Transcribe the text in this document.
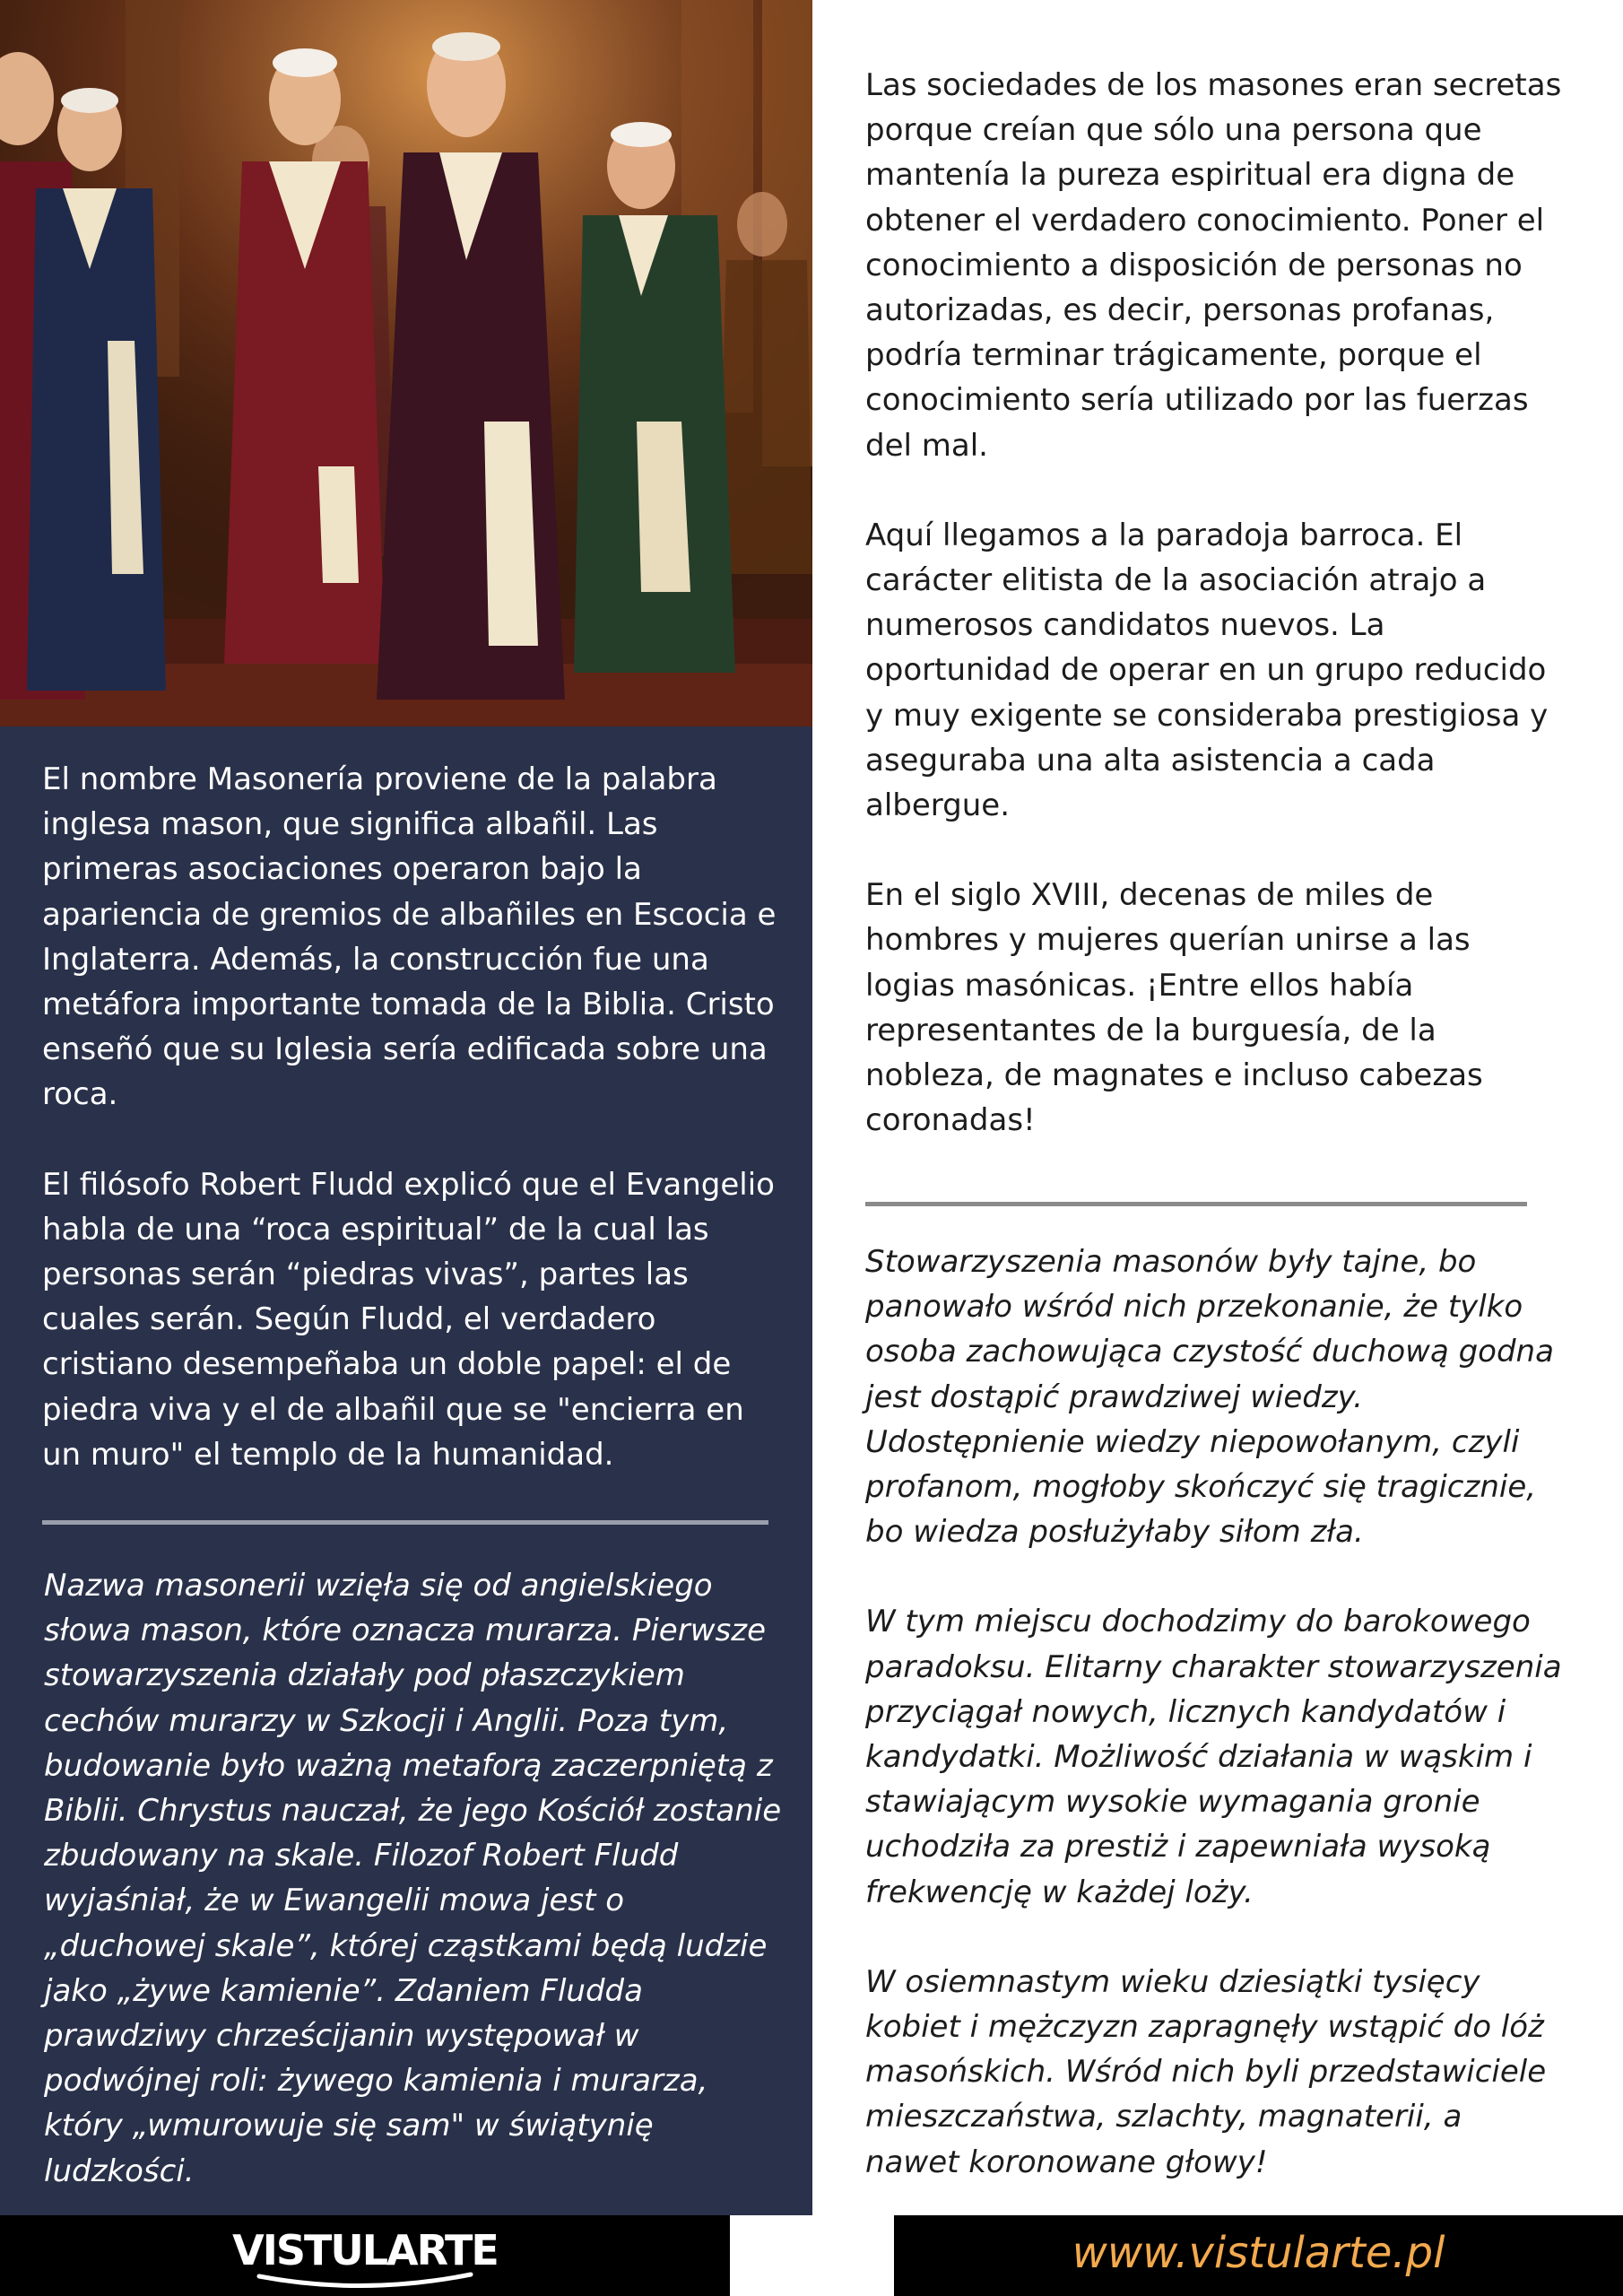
El nombre Masonería proviene de la palabra inglesa mason, que significa albañil. Las primeras asociaciones operaron bajo la apariencia de gremios de albañiles en Escocia e Inglaterra. Además, la construcción fue una metáfora importante tomada de la Biblia. Cristo enseñó que su Iglesia sería edificada sobre una roca.

El filósofo Robert Fludd explicó que el Evangelio habla de una “roca espiritual” de la cual las personas serán “piedras vivas”, partes las cuales serán. Según Fludd, el verdadero cristiano desempeñaba un doble papel: el de piedra viva y el de albañil que se "encierra en un muro" el templo de la humanidad.

Nazwa masonerii wzięła się od angielskiego słowa mason, które oznacza murarza. Pierwsze stowarzyszenia działały pod płaszczykiem cechów murarzy w Szkocji i Anglii. Poza tym, budowanie było ważną metaforą zaczerpniętą z Biblii. Chrystus nauczał, że jego Kościół zostanie zbudowany na skale. Filozof Robert Fludd wyjaśniał, że w Ewangelii mowa jest o „duchowej skale”, której cząstkami będą ludzie jako „żywe kamienie”. Zdaniem Fludda prawdziwy chrześcijanin występował w podwójnej roli: żywego kamienia i murarza, który „wmurowuje się sam" w świątynię ludzkości.

Las sociedades de los masones eran secretas porque creían que sólo una persona que mantenía la pureza espiritual era digna de obtener el verdadero conocimiento. Poner el conocimiento a disposición de personas no autorizadas, es decir, personas profanas, podría terminar trágicamente, porque el conocimiento sería utilizado por las fuerzas del mal.

Aquí llegamos a la paradoja barroca. El carácter elitista de la asociación atrajo a numerosos candidatos nuevos. La oportunidad de operar en un grupo reducido y muy exigente se consideraba prestigiosa y aseguraba una alta asistencia a cada albergue.

En el siglo XVIII, decenas de miles de hombres y mujeres querían unirse a las logias masónicas. ¡Entre ellos había representantes de la burguesía, de la nobleza, de magnates e incluso cabezas coronadas!

Stowarzyszenia masonów były tajne, bo panowało wśród nich przekonanie, że tylko osoba zachowująca czystość duchową godna jest dostąpić prawdziwej wiedzy. Udostępnienie wiedzy niepowołanym, czyli profanom, mogłoby skończyć się tragicznie, bo wiedza posłużyłaby siłom zła.

W tym miejscu dochodzimy do barokowego paradoksu. Elitarny charakter stowarzyszenia przyciągał nowych, licznych kandydatów i kandydatki. Możliwość działania w wąskim i stawiającym wysokie wymagania gronie uchodziła za prestiż i zapewniała wysoką frekwencję w każdej loży.

W osiemnastym wieku dziesiątki tysięcy kobiet i mężczyzn zapragnęły wstąpić do lóż masońskich. Wśród nich byli przedstawiciele mieszczaństwa, szlachty, magnaterii, a nawet koronowane głowy!

VISTULARTE	www.vistularte.pl
